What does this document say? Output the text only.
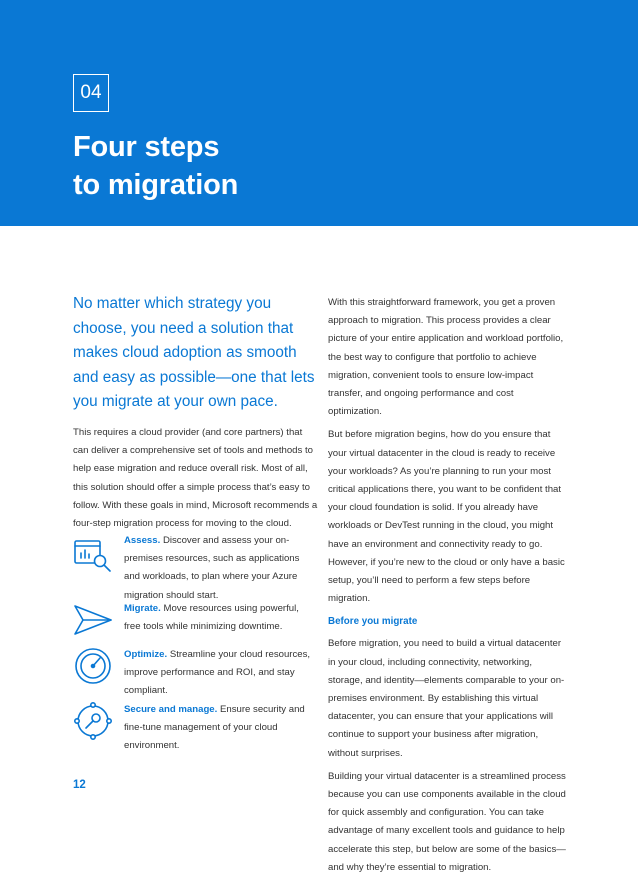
04
Four steps
to migration

No matter which strategy you choose, you need a solution that makes cloud adoption as smooth and easy as possible—one that lets you migrate at your own pace.

This requires a cloud provider (and core partners) that can deliver a comprehensive set of tools and methods to help ease migration and reduce overall risk. Most of all, this solution should offer a simple process that’s easy to follow. With these goals in mind, Microsoft recommends a four-step migration process for moving to the cloud.

Assess. Discover and assess your on-premises resources, such as applications and workloads, to plan where your Azure migration should start.

Migrate. Move resources using powerful, free tools while minimizing downtime.

Optimize. Streamline your cloud resources, improve performance and ROI, and stay compliant.

Secure and manage. Ensure security and fine-tune management of your cloud environment.

With this straightforward framework, you get a proven approach to migration. This process provides a clear picture of your entire application and workload portfolio, the best way to configure that portfolio to achieve migration, convenient tools to ensure low-impact transfer, and ongoing performance and cost optimization.

But before migration begins, how do you ensure that your virtual datacenter in the cloud is ready to receive your workloads? As you’re planning to run your most critical applications there, you want to be confident that your cloud foundation is solid. If you already have workloads or DevTest running in the cloud, you might have an environment and connectivity ready to go. However, if you’re new to the cloud or only have a basic setup, you’ll need to perform a few steps before migration.

Before you migrate

Before migration, you need to build a virtual datacenter in your cloud, including connectivity, networking, storage, and identity—elements comparable to your on-premises environment. By establishing this virtual datacenter, you can ensure that your applications will continue to support your business after migration, without surprises.

Building your virtual datacenter is a streamlined process because you can use components available in the cloud for quick assembly and configuration. You can take advantage of many excellent tools and guidance to help accelerate this step, but below are some of the basics—and why they’re essential to migration.

12
